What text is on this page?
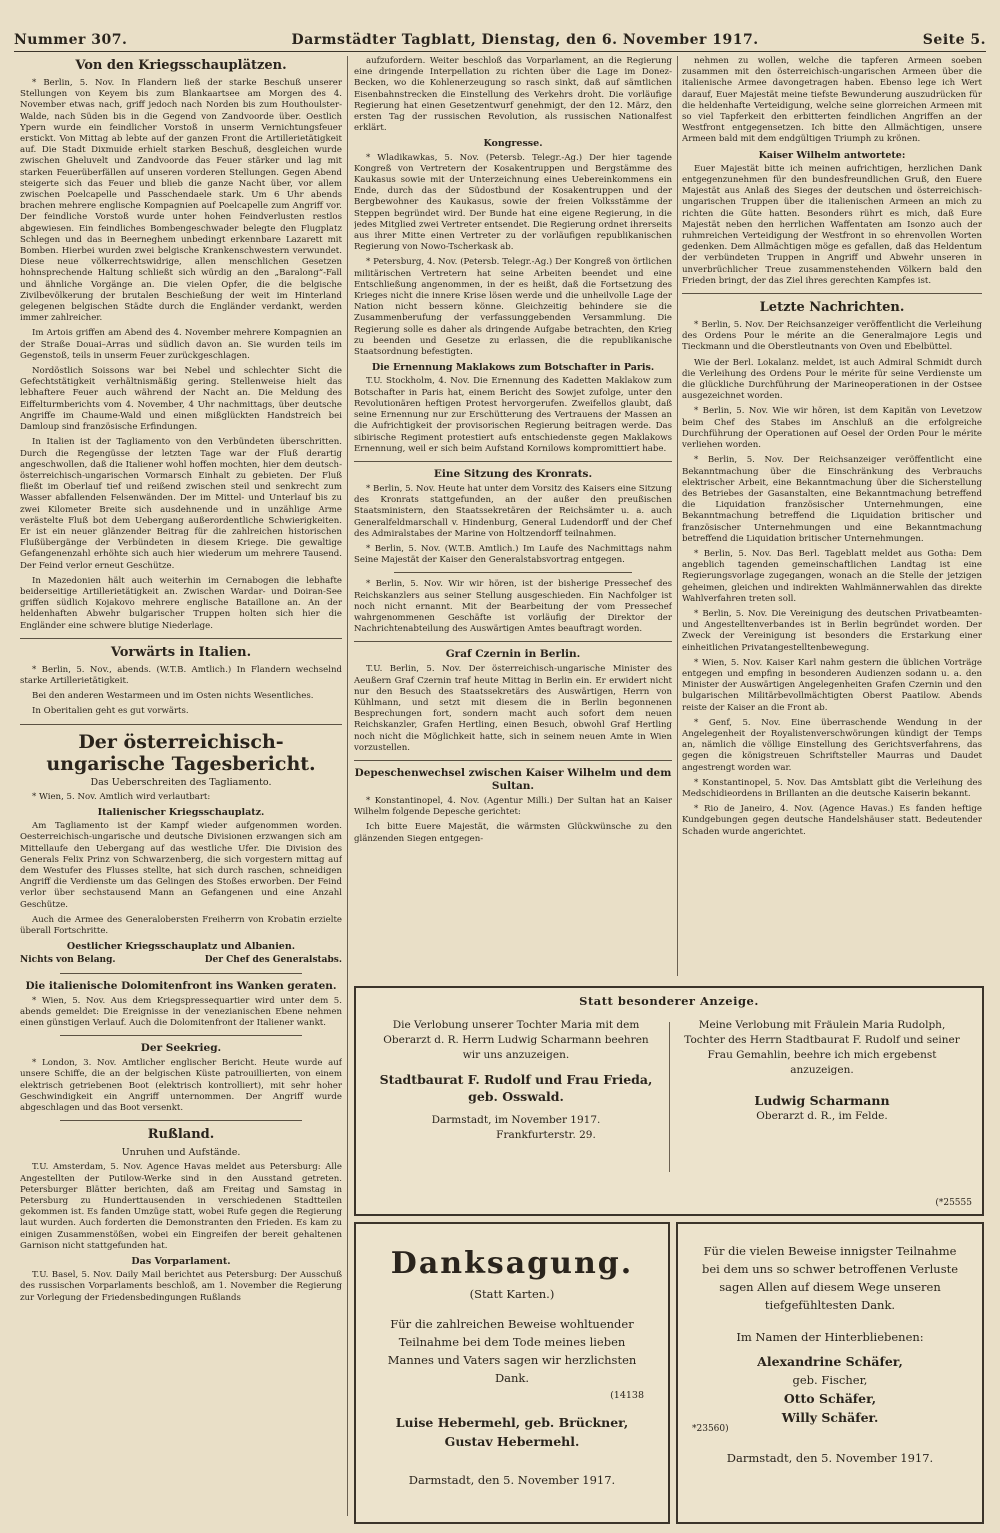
Nummer 307.	Darmstädter Tagblatt, Dienstag, den 6. November 1917.	Seite 5.
Von den Kriegsschauplätzen.

* Berlin, 5. Nov. In Flandern ließ der starke Beschuß unserer Stellungen von Keyem bis zum Blankaartsee am Morgen des 4. November etwas nach, griff jedoch nach Norden bis zum Houthoulster-Walde, nach Süden bis in die Gegend von Zandvoorde über. Oestlich Ypern wurde ein feindlicher Vorstoß in unserm Vernichtungsfeuer erstickt. Von Mittag ab lebte auf der ganzen Front die Artillerietätigkeit auf. Die Stadt Dixmuide erhielt starken Beschuß, desgleichen wurde zwischen Gheluvelt und Zandvoorde das Feuer stärker und lag mit starken Feuerüberfällen auf unseren vorderen Stellungen. Gegen Abend steigerte sich das Feuer und blieb die ganze Nacht über, vor allem zwischen Poelcapelle und Passchendaele stark. Um 6 Uhr abends brachen mehrere englische Kompagnien auf Poelcapelle zum Angriff vor. Der feindliche Vorstoß wurde unter hohen Feindverlusten restlos abgewiesen. Ein feindliches Bombengeschwader belegte den Flugplatz Schlegen und das in Beerneghem unbedingt erkennbare Lazarett mit Bomben. Hierbei wurden zwei belgische Krankenschwestern verwundet. Diese neue völkerrechtswidrige, allen menschlichen Gesetzen hohnsprechende Haltung schließt sich würdig an den „Baralong“-Fall und ähnliche Vorgänge an. Die vielen Opfer, die die belgische Zivilbevölkerung der brutalen Beschießung der weit im Hinterland gelegenen belgischen Städte durch die Engländer verdankt, werden immer zahlreicher.

Im Artois griffen am Abend des 4. November mehrere Kompagnien an der Straße Douai–Arras und südlich davon an. Sie wurden teils im Gegenstoß, teils in unserm Feuer zurückgeschlagen.

Nordöstlich Soissons war bei Nebel und schlechter Sicht die Gefechtstätigkeit verhältnismäßig gering. Stellenweise hielt das lebhaftere Feuer auch während der Nacht an. Die Meldung des Eiffelturmberichts vom 4. November, 4 Uhr nachmittags, über deutsche Angriffe im Chaume-Wald und einen mißglückten Handstreich bei Damloup sind französische Erfindungen.

In Italien ist der Tagliamento von den Verbündeten überschritten. Durch die Regengüsse der letzten Tage war der Fluß derartig angeschwollen, daß die Italiener wohl hoffen mochten, hier dem deutsch-österreichisch-ungarischen Vormarsch Einhalt zu gebieten. Der Fluß fließt im Oberlauf tief und reißend zwischen steil und senkrecht zum Wasser abfallenden Felsenwänden. Der im Mittel- und Unterlauf bis zu zwei Kilometer Breite sich ausdehnende und in unzählige Arme verästelte Fluß bot dem Uebergang außerordentliche Schwierigkeiten. Er ist ein neuer glänzender Beitrag für die zahlreichen historischen Flußübergänge der Verbündeten in diesem Kriege. Die gewaltige Gefangenenzahl erhöhte sich auch hier wiederum um mehrere Tausend. Der Feind verlor erneut Geschütze.

In Mazedonien hält auch weiterhin im Cernabogen die lebhafte beiderseitige Artillerietätigkeit an. Zwischen Wardar- und Doiran-See griffen südlich Kojakovo mehrere englische Bataillone an. An der heldenhaften Abwehr bulgarischer Truppen holten sich hier die Engländer eine schwere blutige Niederlage.

Vorwärts in Italien.

* Berlin, 5. Nov., abends. (W.T.B. Amtlich.) In Flandern wechselnd starke Artillerietätigkeit.

Bei den anderen Westarmeen und im Osten nichts Wesentliches.

In Oberitalien geht es gut vorwärts.

Der österreichisch-ungarische Tagesbericht.
Das Ueberschreiten des Tagliamento.

* Wien, 5. Nov. Amtlich wird verlautbart:

Italienischer Kriegsschauplatz.

Am Tagliamento ist der Kampf wieder aufgenommen worden. Oesterreichisch-ungarische und deutsche Divisionen erzwangen sich am Mittellaufe den Uebergang auf das westliche Ufer. Die Division des Generals Felix Prinz von Schwarzenberg, die sich vorgestern mittag auf dem Westufer des Flusses stellte, hat sich durch raschen, schneidigen Angriff die Verdienste um das Gelingen des Stoßes erworben. Der Feind verlor über sechstausend Mann an Gefangenen und eine Anzahl Geschütze.

Auch die Armee des Generalobersten Freiherrn von Krobatin erzielte überall Fortschritte.

Oestlicher Kriegsschauplatz und Albanien.
Nichts von Belang.	Der Chef des Generalstabs.
Die italienische Dolomitenfront ins Wanken geraten.

* Wien, 5. Nov. Aus dem Kriegspressequartier wird unter dem 5. abends gemeldet: Die Ereignisse in der venezianischen Ebene nehmen einen günstigen Verlauf. Auch die Dolomitenfront der Italiener wankt.

Der Seekrieg.

* London, 3. Nov. Amtlicher englischer Bericht. Heute wurde auf unsere Schiffe, die an der belgischen Küste patrouillierten, von einem elektrisch getriebenen Boot (elektrisch kontrolliert), mit sehr hoher Geschwindigkeit ein Angriff unternommen. Der Angriff wurde abgeschlagen und das Boot versenkt.

Rußland.
Unruhen und Aufstände.

T.U. Amsterdam, 5. Nov. Agence Havas meldet aus Petersburg: Alle Angestellten der Putilow-Werke sind in den Ausstand getreten. Petersburger Blätter berichten, daß am Freitag und Samstag in Petersburg zu Hunderttausenden in verschiedenen Stadtteilen gekommen ist. Es fanden Umzüge statt, wobei Rufe gegen die Regierung laut wurden. Auch forderten die Demonstranten den Frieden. Es kam zu einigen Zusammenstößen, wobei ein Eingreifen der bereit gehaltenen Garnison nicht stattgefunden hat.

Das Vorparlament.

T.U. Basel, 5. Nov. Daily Mail berichtet aus Petersburg: Der Ausschuß des russischen Vorparlaments beschloß, am 1. November die Regierung zur Vorlegung der Friedensbedingungen Rußlands

aufzufordern. Weiter beschloß das Vorparlament, an die Regierung eine dringende Interpellation zu richten über die Lage im Donez-Becken, wo die Kohlenerzeugung so rasch sinkt, daß auf sämtlichen Eisenbahnstrecken die Einstellung des Verkehrs droht. Die vorläufige Regierung hat einen Gesetzentwurf genehmigt, der den 12. März, den ersten Tag der russischen Revolution, als russischen Nationalfest erklärt.

Kongresse.

* Wladikawkas, 5. Nov. (Petersb. Telegr.-Ag.) Der hier tagende Kongreß von Vertretern der Kosakentruppen und Bergstämme des Kaukasus sowie mit der Unterzeichnung eines Uebereinkommens ein Ende, durch das der Südostbund der Kosakentruppen und der Bergbewohner des Kaukasus, sowie der freien Volksstämme der Steppen begründet wird. Der Bunde hat eine eigene Regierung, in die jedes Mitglied zwei Vertreter entsendet. Die Regierung ordnet ihrerseits aus ihrer Mitte einen Vertreter zu der vorläufigen republikanischen Regierung von Nowo-Tscherkask ab.

* Petersburg, 4. Nov. (Petersb. Telegr.-Ag.) Der Kongreß von örtlichen militärischen Vertretern hat seine Arbeiten beendet und eine Entschließung angenommen, in der es heißt, daß die Fortsetzung des Krieges nicht die innere Krise lösen werde und die unheilvolle Lage der Nation nicht bessern könne. Gleichzeitig behindere sie die Zusammenberufung der verfassunggebenden Versammlung. Die Regierung solle es daher als dringende Aufgabe betrachten, den Krieg zu beenden und Gesetze zu erlassen, die die republikanische Staatsordnung befestigten.

Die Ernennung Maklakows zum Botschafter in Paris.

T.U. Stockholm, 4. Nov. Die Ernennung des Kadetten Maklakow zum Botschafter in Paris hat, einem Bericht des Sowjet zufolge, unter den Revolutionären heftigen Protest hervorgerufen. Zweifellos glaubt, daß seine Ernennung nur zur Erschütterung des Vertrauens der Massen an die Aufrichtigkeit der provisorischen Regierung beitragen werde. Das sibirische Regiment protestiert aufs entschiedenste gegen Maklakows Ernennung, weil er sich beim Aufstand Kornilows kompromittiert habe.

Eine Sitzung des Kronrats.

* Berlin, 5. Nov. Heute hat unter dem Vorsitz des Kaisers eine Sitzung des Kronrats stattgefunden, an der außer den preußischen Staatsministern, den Staatssekretären der Reichsämter u. a. auch Generalfeldmarschall v. Hindenburg, General Ludendorff und der Chef des Admiralstabes der Marine von Holtzendorff teilnahmen.

* Berlin, 5. Nov. (W.T.B. Amtlich.) Im Laufe des Nachmittags nahm Seine Majestät der Kaiser den Generalstabsvortrag entgegen.

* Berlin, 5. Nov. Wir wir hören, ist der bisherige Pressechef des Reichskanzlers aus seiner Stellung ausgeschieden. Ein Nachfolger ist noch nicht ernannt. Mit der Bearbeitung der vom Pressechef wahrgenommenen Geschäfte ist vorläufig der Direktor der Nachrichtenabteilung des Auswärtigen Amtes beauftragt worden.

Graf Czernin in Berlin.

T.U. Berlin, 5. Nov. Der österreichisch-ungarische Minister des Aeußern Graf Czernin traf heute Mittag in Berlin ein. Er erwidert nicht nur den Besuch des Staatssekretärs des Auswärtigen, Herrn von Kühlmann, und setzt mit diesem die in Berlin begonnenen Besprechungen fort, sondern macht auch sofort dem neuen Reichskanzler, Grafen Hertling, einen Besuch, obwohl Graf Hertling noch nicht die Möglichkeit hatte, sich in seinem neuen Amte in Wien vorzustellen.

Depeschenwechsel zwischen Kaiser Wilhelm und dem Sultan.

* Konstantinopel, 4. Nov. (Agentur Milli.) Der Sultan hat an Kaiser Wilhelm folgende Depesche gerichtet:

Ich bitte Euere Majestät, die wärmsten Glückwünsche zu den glänzenden Siegen entgegen-

nehmen zu wollen, welche die tapferen Armeen soeben zusammen mit den österreichisch-ungarischen Armeen über die italienische Armee davongetragen haben. Ebenso lege ich Wert darauf, Euer Majestät meine tiefste Bewunderung auszudrücken für die heldenhafte Verteidigung, welche seine glorreichen Armeen mit so viel Tapferkeit den erbitterten feindlichen Angriffen an der Westfront entgegensetzen. Ich bitte den Allmächtigen, unsere Armeen bald mit dem endgültigen Triumph zu krönen.

Kaiser Wilhelm antwortete:

Euer Majestät bitte ich meinen aufrichtigen, herzlichen Dank entgegenzunehmen für den bundesfreundlichen Gruß, den Euere Majestät aus Anlaß des Sieges der deutschen und österreichisch-ungarischen Truppen über die italienischen Armeen an mich zu richten die Güte hatten. Besonders rührt es mich, daß Eure Majestät neben den herrlichen Waffentaten am Isonzo auch der ruhmreichen Verteidigung der Westfront in so ehrenvollen Worten gedenken. Dem Allmächtigen möge es gefallen, daß das Heldentum der verbündeten Truppen in Angriff und Abwehr unseren in unverbrüchlicher Treue zusammenstehenden Völkern bald den Frieden bringt, der das Ziel ihres gerechten Kampfes ist.

Letzte Nachrichten.

* Berlin, 5. Nov. Der Reichsanzeiger veröffentlicht die Verleihung des Ordens Pour le mérite an die Generalmajore Legis und Tieckmann und die Oberstleutnants von Oven und Ebelbüttel.

Wie der Berl. Lokalanz. meldet, ist auch Admiral Schmidt durch die Verleihung des Ordens Pour le mérite für seine Verdienste um die glückliche Durchführung der Marineoperationen in der Ostsee ausgezeichnet worden.

* Berlin, 5. Nov. Wie wir hören, ist dem Kapitän von Levetzow beim Chef des Stabes im Anschluß an die erfolgreiche Durchführung der Operationen auf Oesel der Orden Pour le mérite verliehen worden.

* Berlin, 5. Nov. Der Reichsanzeiger veröffentlicht eine Bekanntmachung über die Einschränkung des Verbrauchs elektrischer Arbeit, eine Bekanntmachung über die Sicherstellung des Betriebes der Gasanstalten, eine Bekanntmachung betreffend die Liquidation französischer Unternehmungen, eine Bekanntmachung betreffend die Liquidation britischer und französischer Unternehmungen und eine Bekanntmachung betreffend die Liquidation britischer Unternehmungen.

* Berlin, 5. Nov. Das Berl. Tageblatt meldet aus Gotha: Dem angeblich tagenden gemeinschaftlichen Landtag ist eine Regierungsvorlage zugegangen, wonach an die Stelle der jetzigen geheimen, gleichen und indirekten Wahlmännerwahlen das direkte Wahlverfahren treten soll.

* Berlin, 5. Nov. Die Vereinigung des deutschen Privatbeamten- und Angestelltenverbandes ist in Berlin begründet worden. Der Zweck der Vereinigung ist besonders die Erstarkung einer einheitlichen Privatangestelltenbewegung.

* Wien, 5. Nov. Kaiser Karl nahm gestern die üblichen Vorträge entgegen und empfing in besonderen Audienzen sodann u. a. den Minister der Auswärtigen Angelegenheiten Grafen Czernin und den bulgarischen Militärbevollmächtigten Oberst Paatilow. Abends reiste der Kaiser an die Front ab.

* Genf, 5. Nov. Eine überraschende Wendung in der Angelegenheit der Royalistenverschwörungen kündigt der Temps an, nämlich die völlige Einstellung des Gerichtsverfahrens, das gegen die königstreuen Schriftsteller Maurras und Daudet angestrengt worden war.

* Konstantinopel, 5. Nov. Das Amtsblatt gibt die Verleihung des Medschidieordens in Brillanten an die deutsche Kaiserin bekannt.

* Rio de Janeiro, 4. Nov. (Agence Havas.) Es fanden heftige Kundgebungen gegen deutsche Handelshäuser statt. Bedeutender Schaden wurde angerichtet.

Statt besonderer Anzeige.
Die Verlobung unserer Tochter Maria mit dem Oberarzt d. R. Herrn Ludwig Scharmann beehren wir uns anzuzeigen.
Stadtbaurat F. Rudolf und Frau Frieda, geb. Osswald.
Darmstadt, im November 1917.
Frankfurterstr. 29.
Meine Verlobung mit Fräulein Maria Rudolph, Tochter des Herrn Stadtbaurat F. Rudolf und seiner Frau Gemahlin, beehre ich mich ergebenst anzuzeigen.
Ludwig Scharmann
Oberarzt d. R., im Felde.
(*25555
Danksagung.
(Statt Karten.)
Für die zahlreichen Beweise wohltuender Teilnahme bei dem Tode meines lieben Mannes und Vaters sagen wir herzlichsten Dank.
(14138
Luise Hebermehl, geb. Brückner,
Gustav Hebermehl.
Darmstadt, den 5. November 1917.
Für die vielen Beweise innigster Teilnahme bei dem uns so schwer betroffenen Verluste sagen Allen auf diesem Wege unseren tiefgefühltesten Dank.
Im Namen der Hinterbliebenen:
Alexandrine Schäfer,
geb. Fischer,
Otto Schäfer,
Willy Schäfer.
*23560)
Darmstadt, den 5. November 1917.
